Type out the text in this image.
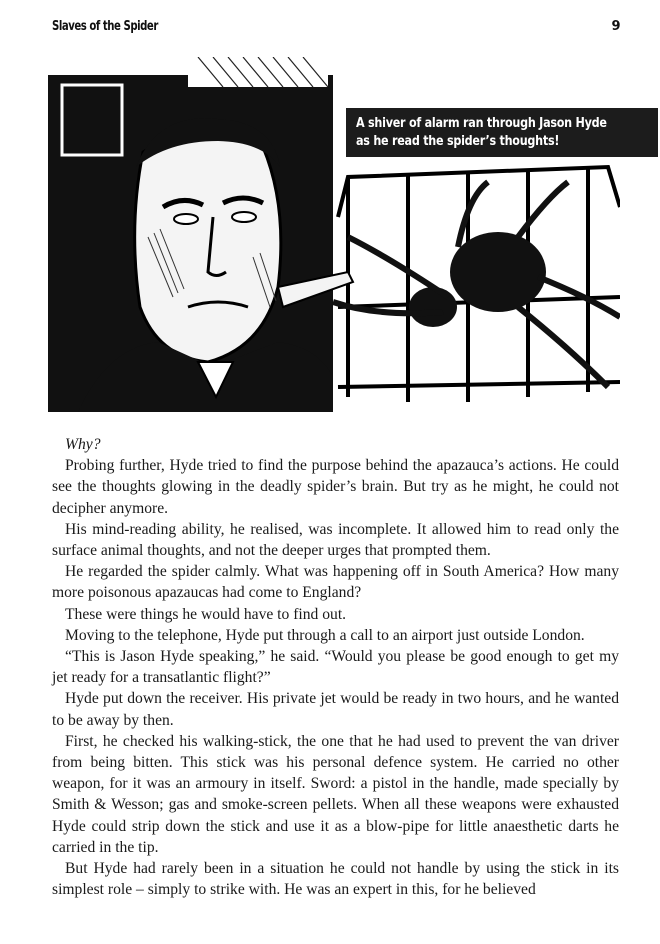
Slaves of the Spider	9
A shiver of alarm ran through Jason Hyde
as he read the spider’s thoughts!

Why?

Probing further, Hyde tried to find the purpose behind the apazauca’s actions. He could see the thoughts glowing in the deadly spider’s brain. But try as he might, he could not decipher anymore.

His mind-reading ability, he realised, was incomplete. It allowed him to read only the surface animal thoughts, and not the deeper urges that prompted them.

He regarded the spider calmly. What was happening off in South America? How many more poisonous apazaucas had come to England?

These were things he would have to find out.

Moving to the telephone, Hyde put through a call to an airport just outside London.

“This is Jason Hyde speaking,” he said. “Would you please be good enough to get my jet ready for a transatlantic flight?”

Hyde put down the receiver. His private jet would be ready in two hours, and he wanted to be away by then.

First, he checked his walking-stick, the one that he had used to prevent the van driver from being bitten. This stick was his personal defence system. He carried no other weapon, for it was an armoury in itself. Sword: a pistol in the handle, made specially by Smith & Wesson; gas and smoke-screen pellets. When all these weapons were exhausted Hyde could strip down the stick and use it as a blow-pipe for little anaesthetic darts he carried in the tip.

But Hyde had rarely been in a situation he could not handle by using the stick in its simplest role – simply to strike with. He was an expert in this, for he believed
